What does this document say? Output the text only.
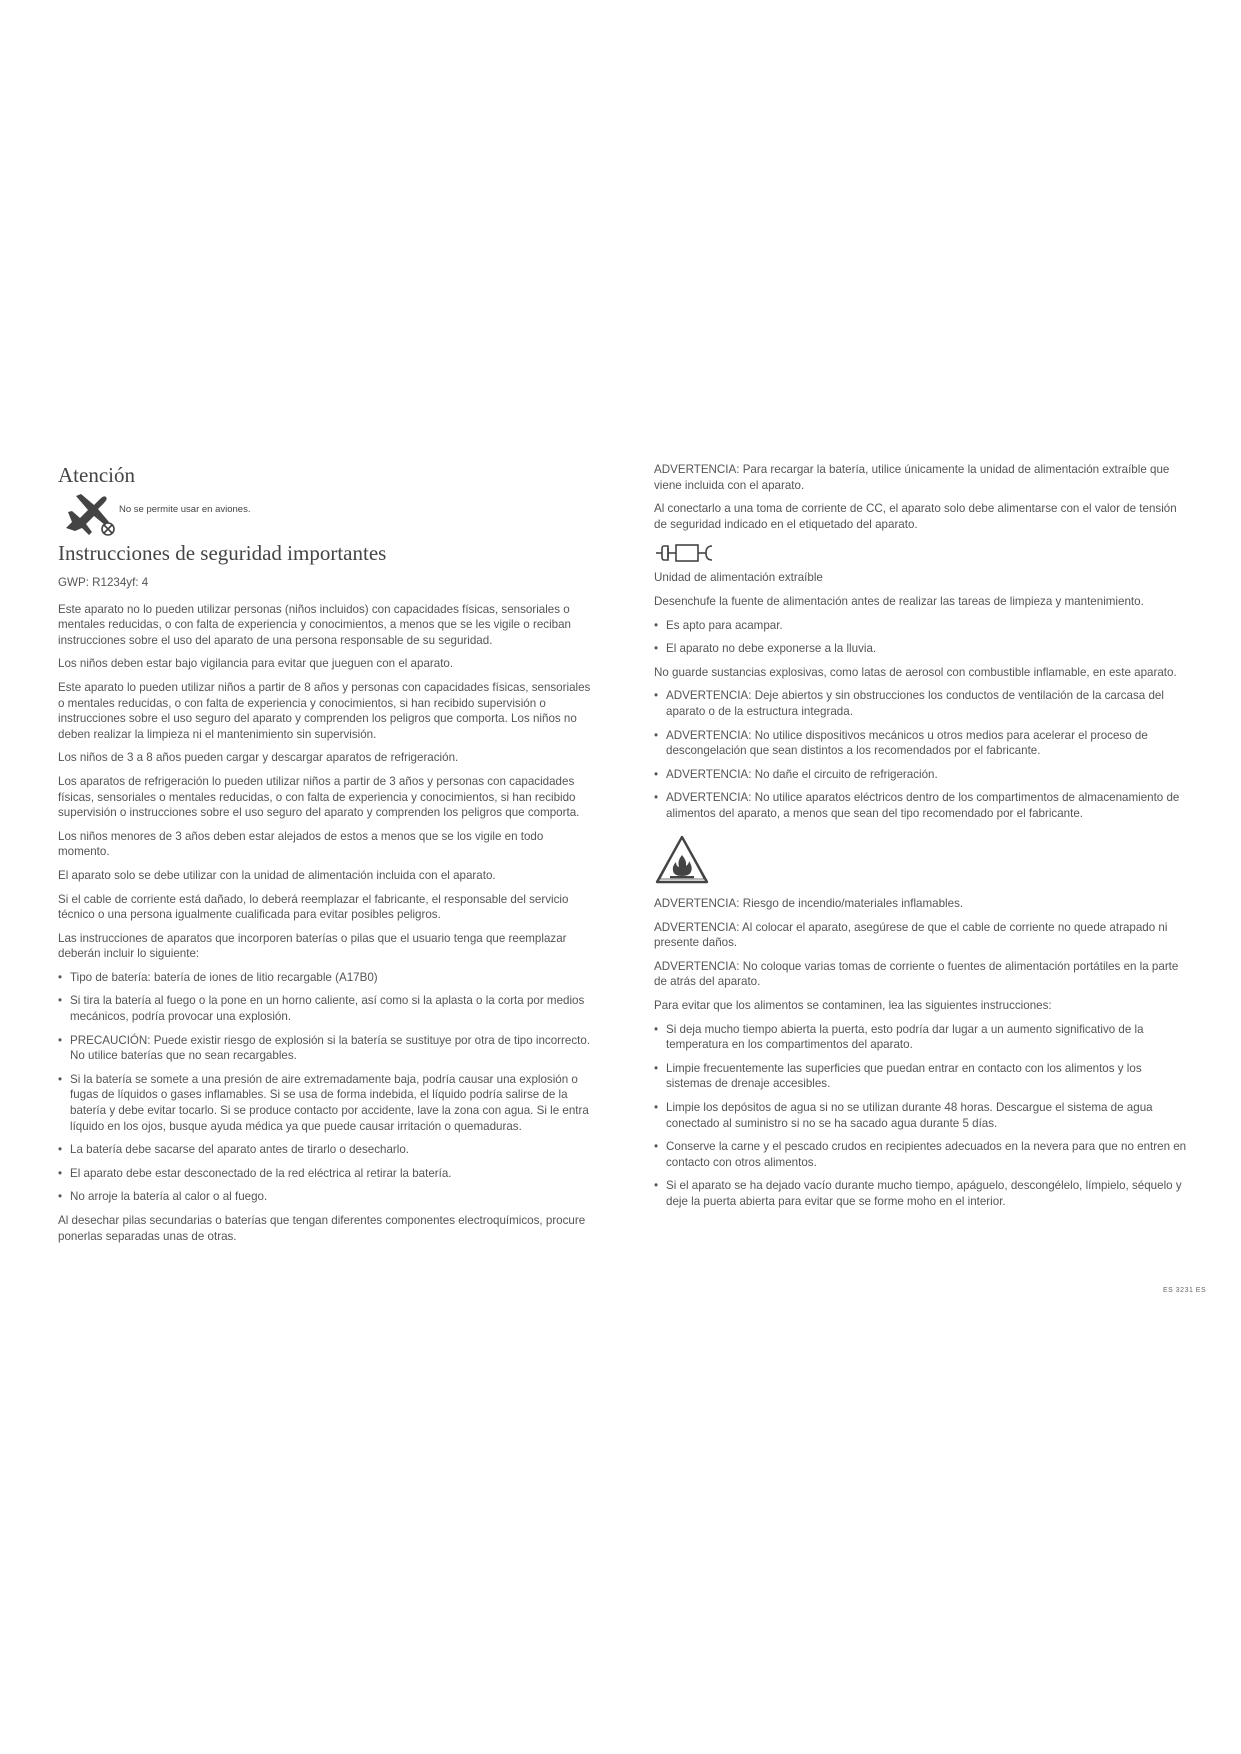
Atención
No se permite usar en aviones.
Instrucciones de seguridad importantes

GWP: R1234yf: 4

Este aparato no lo pueden utilizar personas (niños incluidos) con capacidades físicas, sensoriales o mentales reducidas, o con falta de experiencia y conocimientos, a menos que se les vigile o reciban instrucciones sobre el uso del aparato de una persona responsable de su seguridad.

Los niños deben estar bajo vigilancia para evitar que jueguen con el aparato.

Este aparato lo pueden utilizar niños a partir de 8 años y personas con capacidades físicas, sensoriales o mentales reducidas, o con falta de experiencia y conocimientos, si han recibido supervisión o instrucciones sobre el uso seguro del aparato y comprenden los peligros que comporta. Los niños no deben realizar la limpieza ni el mantenimiento sin supervisión.

Los niños de 3 a 8 años pueden cargar y descargar aparatos de refrigeración.

Los aparatos de refrigeración lo pueden utilizar niños a partir de 3 años y personas con capacidades físicas, sensoriales o mentales reducidas, o con falta de experiencia y conocimientos, si han recibido supervisión o instrucciones sobre el uso seguro del aparato y comprenden los peligros que comporta.

Los niños menores de 3 años deben estar alejados de estos a menos que se los vigile en todo momento.

El aparato solo se debe utilizar con la unidad de alimentación incluida con el aparato.

Si el cable de corriente está dañado, lo deberá reemplazar el fabricante, el responsable del servicio técnico o una persona igualmente cualificada para evitar posibles peligros.

Las instrucciones de aparatos que incorporen baterías o pilas que el usuario tenga que reemplazar deberán incluir lo siguiente:

• Tipo de batería: batería de iones de litio recargable (A17B0)
• Si tira la batería al fuego o la pone en un horno caliente, así como si la aplasta o la corta por medios mecánicos, podría provocar una explosión.
• PRECAUCIÓN: Puede existir riesgo de explosión si la batería se sustituye por otra de tipo incorrecto. No utilice baterías que no sean recargables.
• Si la batería se somete a una presión de aire extremadamente baja, podría causar una explosión o fugas de líquidos o gases inflamables. Si se usa de forma indebida, el líquido podría salirse de la batería y debe evitar tocarlo. Si se produce contacto por accidente, lave la zona con agua. Si le entra líquido en los ojos, busque ayuda médica ya que puede causar irritación o quemaduras.
• La batería debe sacarse del aparato antes de tirarlo o desecharlo.
• El aparato debe estar desconectado de la red eléctrica al retirar la batería.
• No arroje la batería al calor o al fuego.

Al desechar pilas secundarias o baterías que tengan diferentes componentes electroquímicos, procure ponerlas separadas unas de otras.

ADVERTENCIA: Para recargar la batería, utilice únicamente la unidad de alimentación extraíble que viene incluida con el aparato.

Al conectarlo a una toma de corriente de CC, el aparato solo debe alimentarse con el valor de tensión de seguridad indicado en el etiquetado del aparato.

Unidad de alimentación extraíble

Desenchufe la fuente de alimentación antes de realizar las tareas de limpieza y mantenimiento.

• Es apto para acampar.
• El aparato no debe exponerse a la lluvia.

No guarde sustancias explosivas, como latas de aerosol con combustible inflamable, en este aparato.

• ADVERTENCIA: Deje abiertos y sin obstrucciones los conductos de ventilación de la carcasa del aparato o de la estructura integrada.
• ADVERTENCIA: No utilice dispositivos mecánicos u otros medios para acelerar el proceso de descongelación que sean distintos a los recomendados por el fabricante.
• ADVERTENCIA: No dañe el circuito de refrigeración.
• ADVERTENCIA: No utilice aparatos eléctricos dentro de los compartimentos de almacenamiento de alimentos del aparato, a menos que sean del tipo recomendado por el fabricante.

ADVERTENCIA: Riesgo de incendio/materiales inflamables.

ADVERTENCIA: Al colocar el aparato, asegúrese de que el cable de corriente no quede atrapado ni presente daños.

ADVERTENCIA: No coloque varias tomas de corriente o fuentes de alimentación portátiles en la parte de atrás del aparato.

Para evitar que los alimentos se contaminen, lea las siguientes instrucciones:

• Si deja mucho tiempo abierta la puerta, esto podría dar lugar a un aumento significativo de la temperatura en los compartimentos del aparato.
• Limpie frecuentemente las superficies que puedan entrar en contacto con los alimentos y los sistemas de drenaje accesibles.
• Limpie los depósitos de agua si no se utilizan durante 48 horas. Descargue el sistema de agua conectado al suministro si no se ha sacado agua durante 5 días.
• Conserve la carne y el pescado crudos en recipientes adecuados en la nevera para que no entren en contacto con otros alimentos.
• Si el aparato se ha dejado vacío durante mucho tiempo, apáguelo, descongélelo, límpielo, séquelo y deje la puerta abierta para evitar que se forme moho en el interior.
ES 3231 ES
